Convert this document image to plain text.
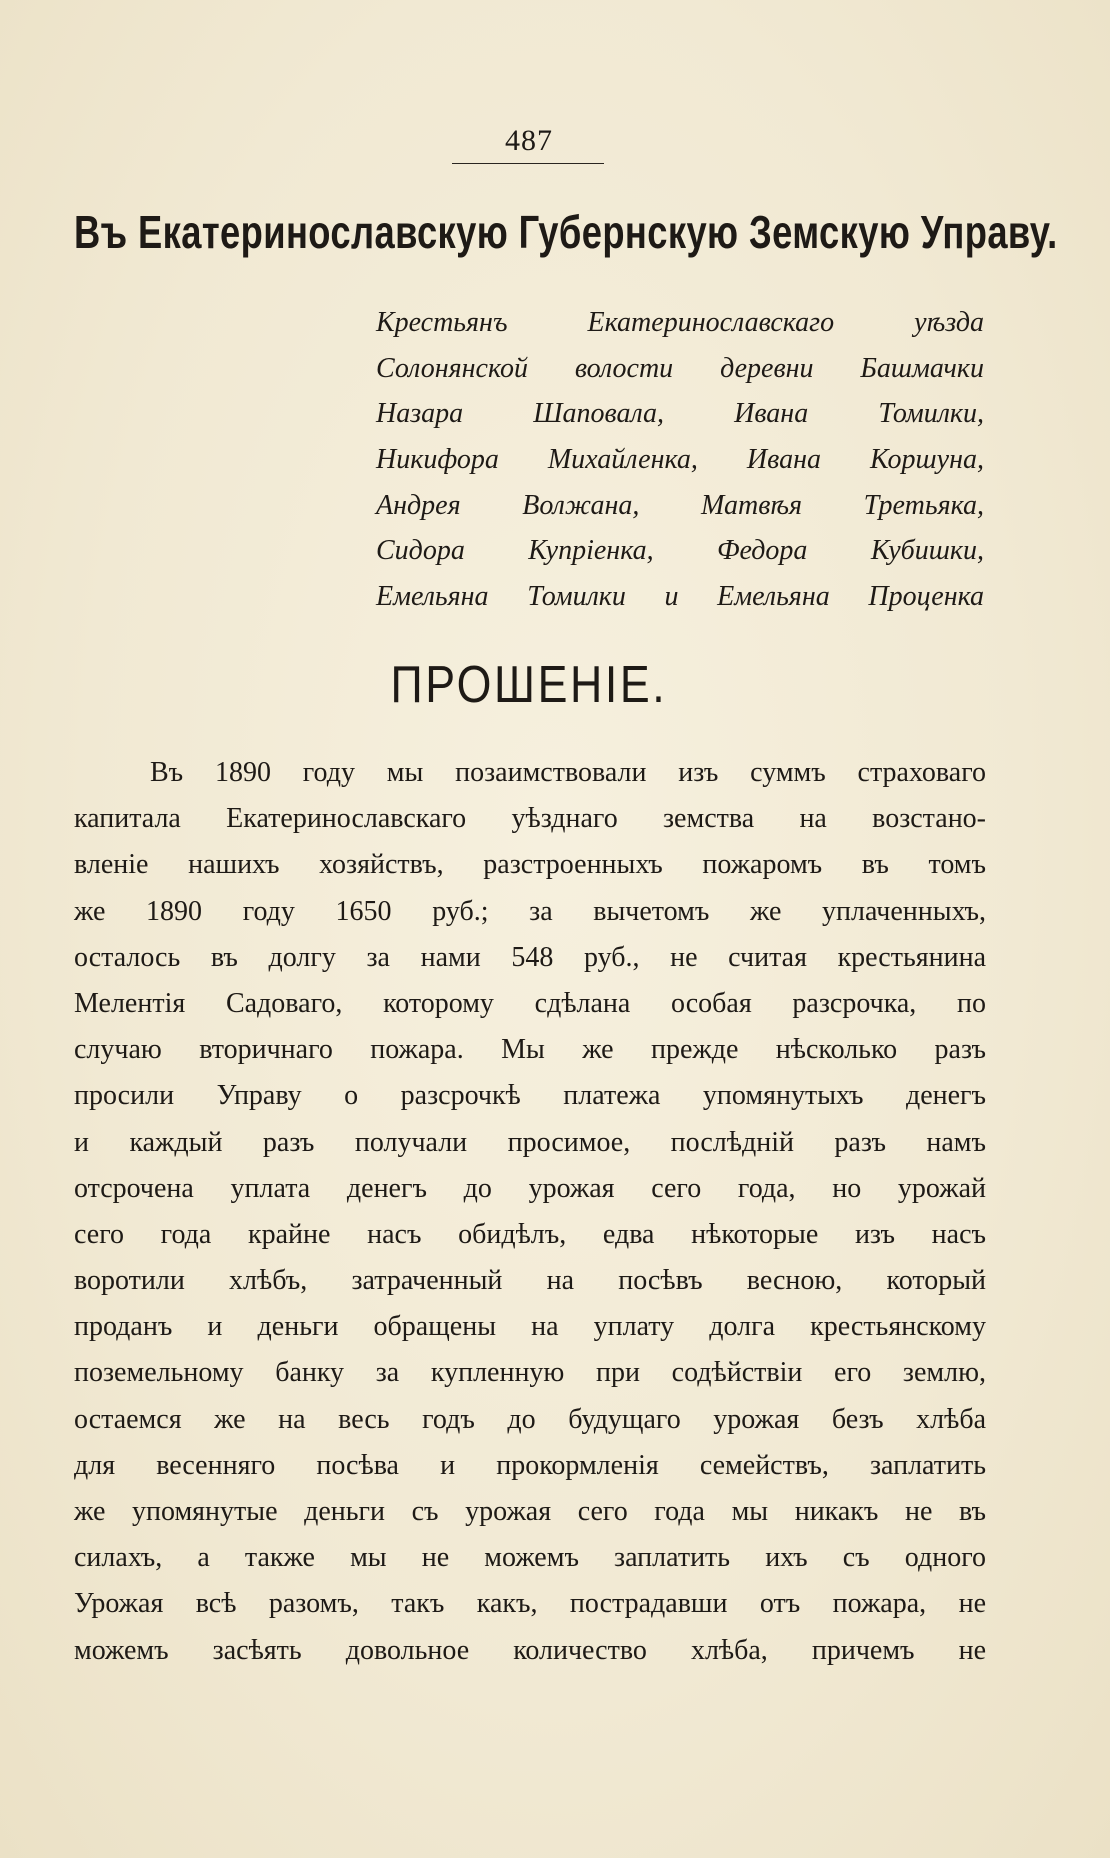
487
Въ Екатеринославскую Губернскую Земскую Управу.
Крестьянъ Екатеринославскаго уѣзда
Солонянской волости деревни Башмачки
Назара Шаповала, Ивана Томилки,
Никифора Михайленка, Ивана Коршуна,
Андрея Волжана, Матвѣя Третьяка,
Сидора Купріенка, Федора Кубишки,
Емельяна Томилки и Емельяна Проценка
ПРОШЕНІЕ.
Въ 1890 году мы позаимствовали изъ суммъ страховаго
капитала Екатеринославскаго уѣзднаго земства на возстано-
вленіе нашихъ хозяйствъ, разстроенныхъ пожаромъ въ томъ
же 1890 году 1650 руб.; за вычетомъ же уплаченныхъ,
осталось въ долгу за нами 548 руб., не считая крестьянина
Мелентія Садоваго, которому сдѣлана особая разсрочка, по
случаю вторичнаго пожара. Мы же прежде нѣсколько разъ
просили Управу о разсрочкѣ платежа упомянутыхъ денегъ
и каждый разъ получали просимое, послѣдній разъ намъ
отсрочена уплата денегъ до урожая сего года, но урожай
сего года крайне насъ обидѣлъ, едва нѣкоторые изъ насъ
воротили хлѣбъ, затраченный на посѣвъ весною, который
проданъ и деньги обращены на уплату долга крестьянскому
поземельному банку за купленную при содѣйствіи его землю,
остаемся же на весь годъ до будущаго урожая безъ хлѣба
для весенняго посѣва и прокормленія семействъ, заплатить
же упомянутые деньги съ урожая сего года мы никакъ не въ
силахъ, а также мы не можемъ заплатить ихъ съ одного
Урожая всѣ разомъ, такъ какъ, пострадавши отъ пожара, не
можемъ засѣять довольное количество хлѣба, причемъ не
